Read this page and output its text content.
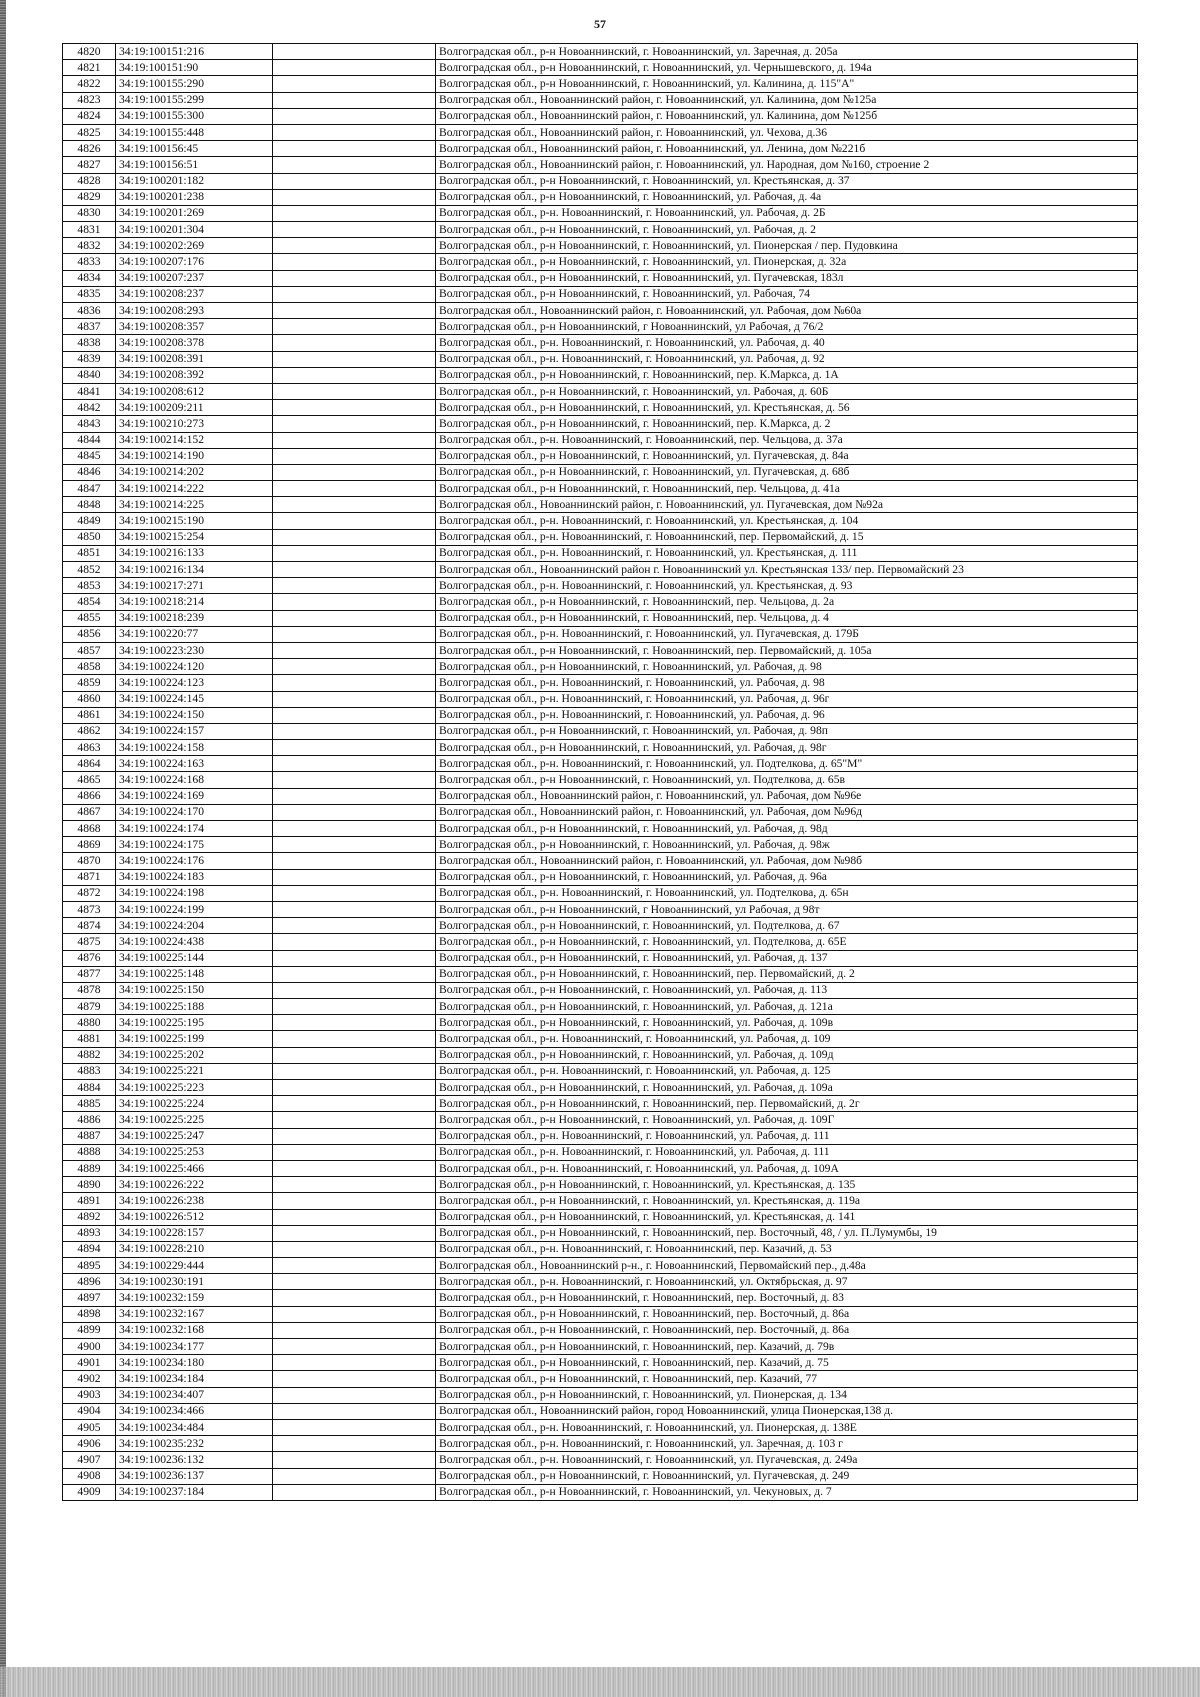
57
4820	34:19:100151:216		Волгоградская обл., р-н Новоаннинский, г. Новоаннинский, ул. Заречная, д. 205а
4821	34:19:100151:90		Волгоградская обл., р-н Новоаннинский, г. Новоаннинский, ул. Чернышевского, д. 194а
4822	34:19:100155:290		Волгоградская обл., р-н Новоаннинский, г. Новоаннинский, ул. Калинина, д. 115"А"
4823	34:19:100155:299		Волгоградская обл., Новоаннинский район, г. Новоаннинский, ул. Калинина, дом №125а
4824	34:19:100155:300		Волгоградская обл., Новоаннинский район, г. Новоаннинский, ул. Калинина, дом №125б
4825	34:19:100155:448		Волгоградская обл., Новоаннинский район, г. Новоаннинский, ул. Чехова, д.36
4826	34:19:100156:45		Волгоградская обл., Новоаннинский район, г. Новоаннинский, ул. Ленина, дом №221б
4827	34:19:100156:51		Волгоградская обл., Новоаннинский район, г. Новоаннинский, ул. Народная, дом №160, строение 2
4828	34:19:100201:182		Волгоградская обл., р-н Новоаннинский, г. Новоаннинский, ул. Крестьянская, д. 37
4829	34:19:100201:238		Волгоградская обл., р-н Новоаннинский, г. Новоаннинский, ул. Рабочая, д. 4а
4830	34:19:100201:269		Волгоградская обл., р-н. Новоаннинский, г. Новоаннинский, ул. Рабочая, д. 2Б
4831	34:19:100201:304		Волгоградская обл., р-н Новоаннинский, г. Новоаннинский, ул. Рабочая, д. 2
4832	34:19:100202:269		Волгоградская обл., р-н Новоаннинский, г. Новоаннинский, ул. Пионерская / пер. Пудовкина
4833	34:19:100207:176		Волгоградская обл., р-н Новоаннинский, г. Новоаннинский, ул. Пионерская, д. 32а
4834	34:19:100207:237		Волгоградская обл., р-н Новоаннинский, г. Новоаннинский, ул. Пугачевская, 183л
4835	34:19:100208:237		Волгоградская обл., р-н Новоаннинский, г. Новоаннинский, ул. Рабочая, 74
4836	34:19:100208:293		Волгоградская обл., Новоаннинский район, г. Новоаннинский, ул. Рабочая, дом №60а
4837	34:19:100208:357		Волгоградская обл., р-н Новоаннинский, г Новоаннинский, ул Рабочая, д 76/2
4838	34:19:100208:378		Волгоградская обл., р-н. Новоаннинский, г. Новоаннинский, ул. Рабочая, д. 40
4839	34:19:100208:391		Волгоградская обл., р-н. Новоаннинский, г. Новоаннинский, ул. Рабочая, д. 92
4840	34:19:100208:392		Волгоградская обл., р-н Новоаннинский, г. Новоаннинский, пер. К.Маркса, д. 1А
4841	34:19:100208:612		Волгоградская обл., р-н Новоаннинский, г. Новоаннинский, ул. Рабочая, д. 60Б
4842	34:19:100209:211		Волгоградская обл., р-н Новоаннинский, г. Новоаннинский, ул. Крестьянская, д. 56
4843	34:19:100210:273		Волгоградская обл., р-н Новоаннинский, г. Новоаннинский, пер. К.Маркса, д. 2
4844	34:19:100214:152		Волгоградская обл., р-н. Новоаннинский, г. Новоаннинский, пер. Чельцова, д. 37а
4845	34:19:100214:190		Волгоградская обл., р-н Новоаннинский, г. Новоаннинский, ул. Пугачевская, д. 84а
4846	34:19:100214:202		Волгоградская обл., р-н Новоаннинский, г. Новоаннинский, ул. Пугачевская, д. 68б
4847	34:19:100214:222		Волгоградская обл., р-н Новоаннинский, г. Новоаннинский, пер. Чельцова, д. 41а
4848	34:19:100214:225		Волгоградская обл., Новоаннинский район, г. Новоаннинский, ул. Пугачевская, дом №92а
4849	34:19:100215:190		Волгоградская обл., р-н. Новоаннинский, г. Новоаннинский, ул. Крестьянская, д. 104
4850	34:19:100215:254		Волгоградская обл., р-н. Новоаннинский, г. Новоаннинский, пер. Первомайский, д. 15
4851	34:19:100216:133		Волгоградская обл., р-н. Новоаннинский, г. Новоаннинский, ул. Крестьянская, д. 111
4852	34:19:100216:134		Волгоградская обл., Новоаннинский район г. Новоаннинский ул. Крестьянская 133/ пер. Первомайский 23
4853	34:19:100217:271		Волгоградская обл., р-н. Новоаннинский, г. Новоаннинский, ул. Крестьянская, д. 93
4854	34:19:100218:214		Волгоградская обл., р-н Новоаннинский, г. Новоаннинский, пер. Чельцова, д. 2а
4855	34:19:100218:239		Волгоградская обл., р-н Новоаннинский, г. Новоаннинский, пер. Чельцова, д. 4
4856	34:19:100220:77		Волгоградская обл., р-н. Новоаннинский, г. Новоаннинский, ул. Пугачевская, д. 179Б
4857	34:19:100223:230		Волгоградская обл., р-н Новоаннинский, г. Новоаннинский, пер. Первомайский, д. 105а
4858	34:19:100224:120		Волгоградская обл., р-н Новоаннинский, г. Новоаннинский, ул. Рабочая, д. 98
4859	34:19:100224:123		Волгоградская обл., р-н. Новоаннинский, г. Новоаннинский, ул. Рабочая, д. 98
4860	34:19:100224:145		Волгоградская обл., р-н. Новоаннинский, г. Новоаннинский, ул. Рабочая, д. 96г
4861	34:19:100224:150		Волгоградская обл., р-н. Новоаннинский, г. Новоаннинский, ул. Рабочая, д. 96
4862	34:19:100224:157		Волгоградская обл., р-н Новоаннинский, г. Новоаннинский, ул. Рабочая, д. 98п
4863	34:19:100224:158		Волгоградская обл., р-н Новоаннинский, г. Новоаннинский, ул. Рабочая, д. 98г
4864	34:19:100224:163		Волгоградская обл., р-н. Новоаннинский, г. Новоаннинский, ул. Подтелкова, д. 65"М"
4865	34:19:100224:168		Волгоградская обл., р-н Новоаннинский, г. Новоаннинский, ул. Подтелкова, д. 65в
4866	34:19:100224:169		Волгоградская обл., Новоаннинский район, г. Новоаннинский, ул. Рабочая, дом №96е
4867	34:19:100224:170		Волгоградская обл., Новоаннинский район, г. Новоаннинский, ул. Рабочая, дом №96д
4868	34:19:100224:174		Волгоградская обл., р-н Новоаннинский, г. Новоаннинский, ул. Рабочая, д. 98д
4869	34:19:100224:175		Волгоградская обл., р-н Новоаннинский, г. Новоаннинский, ул. Рабочая, д. 98ж
4870	34:19:100224:176		Волгоградская обл., Новоаннинский район, г. Новоаннинский, ул. Рабочая, дом №98б
4871	34:19:100224:183		Волгоградская обл., р-н Новоаннинский, г. Новоаннинский, ул. Рабочая, д. 96а
4872	34:19:100224:198		Волгоградская обл., р-н. Новоаннинский, г. Новоаннинский, ул. Подтелкова, д. 65н
4873	34:19:100224:199		Волгоградская обл., р-н Новоаннинский, г Новоаннинский, ул Рабочая, д 98т
4874	34:19:100224:204		Волгоградская обл., р-н Новоаннинский, г. Новоаннинский, ул. Подтелкова, д. 67
4875	34:19:100224:438		Волгоградская обл., р-н Новоаннинский, г. Новоаннинский, ул. Подтелкова, д. 65Е
4876	34:19:100225:144		Волгоградская обл., р-н Новоаннинский, г. Новоаннинский, ул. Рабочая, д. 137
4877	34:19:100225:148		Волгоградская обл., р-н Новоаннинский, г. Новоаннинский, пер. Первомайский, д. 2
4878	34:19:100225:150		Волгоградская обл., р-н Новоаннинский, г. Новоаннинский, ул. Рабочая, д. 113
4879	34:19:100225:188		Волгоградская обл., р-н Новоаннинский, г. Новоаннинский, ул. Рабочая, д. 121а
4880	34:19:100225:195		Волгоградская обл., р-н Новоаннинский, г. Новоаннинский, ул. Рабочая, д. 109в
4881	34:19:100225:199		Волгоградская обл., р-н. Новоаннинский, г. Новоаннинский, ул. Рабочая, д. 109
4882	34:19:100225:202		Волгоградская обл., р-н Новоаннинский, г. Новоаннинский, ул. Рабочая, д. 109д
4883	34:19:100225:221		Волгоградская обл., р-н. Новоаннинский, г. Новоаннинский, ул. Рабочая, д. 125
4884	34:19:100225:223		Волгоградская обл., р-н Новоаннинский, г. Новоаннинский, ул. Рабочая, д. 109а
4885	34:19:100225:224		Волгоградская обл., р-н Новоаннинский, г. Новоаннинский, пер. Первомайский, д. 2г
4886	34:19:100225:225		Волгоградская обл., р-н Новоаннинский, г. Новоаннинский, ул. Рабочая, д. 109Г
4887	34:19:100225:247		Волгоградская обл., р-н. Новоаннинский, г. Новоаннинский, ул. Рабочая, д. 111
4888	34:19:100225:253		Волгоградская обл., р-н. Новоаннинский, г. Новоаннинский, ул. Рабочая, д. 111
4889	34:19:100225:466		Волгоградская обл., р-н. Новоаннинский, г. Новоаннинский, ул. Рабочая, д. 109А
4890	34:19:100226:222		Волгоградская обл., р-н Новоаннинский, г. Новоаннинский, ул. Крестьянская, д. 135
4891	34:19:100226:238		Волгоградская обл., р-н Новоаннинский, г. Новоаннинский, ул. Крестьянская, д. 119а
4892	34:19:100226:512		Волгоградская обл., р-н Новоаннинский, г. Новоаннинский, ул. Крестьянская, д. 141
4893	34:19:100228:157		Волгоградская обл., р-н Новоаннинский, г. Новоаннинский, пер. Восточный, 48, / ул. П.Лумумбы, 19
4894	34:19:100228:210		Волгоградская обл., р-н. Новоаннинский, г. Новоаннинский, пер. Казачий, д. 53
4895	34:19:100229:444		Волгоградская обл., Новоаннинский р-н., г. Новоаннинский, Первомайский пер., д.48а
4896	34:19:100230:191		Волгоградская обл., р-н. Новоаннинский, г. Новоаннинский, ул. Октябрьская, д. 97
4897	34:19:100232:159		Волгоградская обл., р-н Новоаннинский, г. Новоаннинский, пер. Восточный, д. 83
4898	34:19:100232:167		Волгоградская обл., р-н Новоаннинский, г. Новоаннинский, пер. Восточный, д. 86а
4899	34:19:100232:168		Волгоградская обл., р-н Новоаннинский, г. Новоаннинский, пер. Восточный, д. 86а
4900	34:19:100234:177		Волгоградская обл., р-н Новоаннинский, г. Новоаннинский, пер. Казачий, д. 79в
4901	34:19:100234:180		Волгоградская обл., р-н Новоаннинский, г. Новоаннинский, пер. Казачий, д. 75
4902	34:19:100234:184		Волгоградская обл., р-н Новоаннинский, г. Новоаннинский, пер. Казачий, 77
4903	34:19:100234:407		Волгоградская обл., р-н Новоаннинский, г. Новоаннинский, ул. Пионерская, д. 134
4904	34:19:100234:466		Волгоградская обл., Новоаннинский район, город Новоаннинский, улица Пионерская,138 д.
4905	34:19:100234:484		Волгоградская обл., р-н. Новоаннинский, г. Новоаннинский, ул. Пионерская, д. 138Е
4906	34:19:100235:232		Волгоградская обл., р-н. Новоаннинский, г. Новоаннинский, ул. Заречная, д. 103 г
4907	34:19:100236:132		Волгоградская обл., р-н. Новоаннинский, г. Новоаннинский, ул. Пугачевская, д. 249а
4908	34:19:100236:137		Волгоградская обл., р-н Новоаннинский, г. Новоаннинский, ул. Пугачевская, д. 249
4909	34:19:100237:184		Волгоградская обл., р-н Новоаннинский, г. Новоаннинский, ул. Чекуновых, д. 7
